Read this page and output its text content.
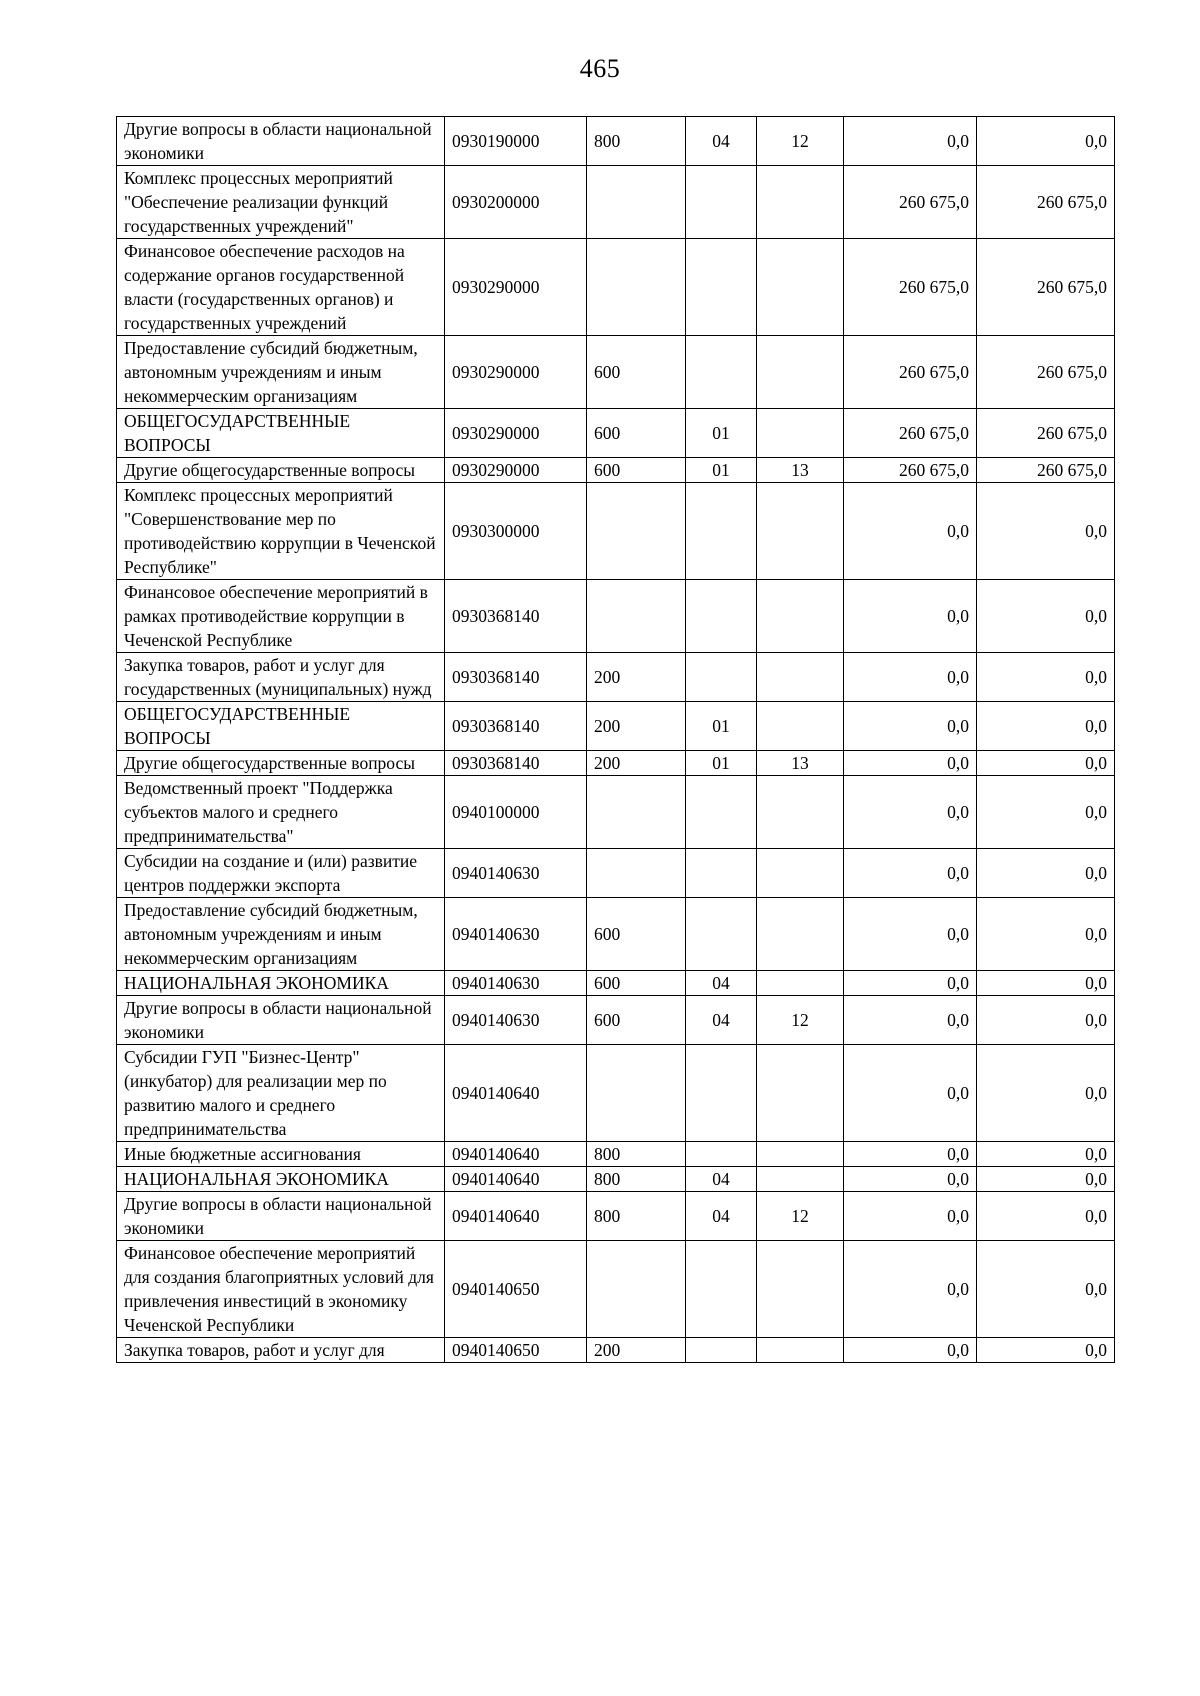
465
Другие вопросы в области национальной экономики	0930190000	800	04	12	0,0	0,0
Комплекс процессных мероприятий "Обеспечение реализации функций государственных учреждений"	0930200000				260 675,0	260 675,0
Финансовое обеспечение расходов на содержание органов государственной власти (государственных органов) и государственных учреждений	0930290000				260 675,0	260 675,0
Предоставление субсидий бюджетным, автономным учреждениям и иным некоммерческим организациям	0930290000	600			260 675,0	260 675,0
ОБЩЕГОСУДАРСТВЕННЫЕ ВОПРОСЫ	0930290000	600	01		260 675,0	260 675,0
Другие общегосударственные вопросы	0930290000	600	01	13	260 675,0	260 675,0
Комплекс процессных мероприятий "Совершенствование мер по противодействию коррупции в Чеченской Республике"	0930300000				0,0	0,0
Финансовое обеспечение мероприятий в рамках противодействие коррупции в Чеченской Республике	0930368140				0,0	0,0
Закупка товаров, работ и услуг для государственных (муниципальных) нужд	0930368140	200			0,0	0,0
ОБЩЕГОСУДАРСТВЕННЫЕ ВОПРОСЫ	0930368140	200	01		0,0	0,0
Другие общегосударственные вопросы	0930368140	200	01	13	0,0	0,0
Ведомственный проект "Поддержка субъектов малого и среднего предпринимательства"	0940100000				0,0	0,0
Субсидии на создание и (или) развитие центров поддержки экспорта	0940140630				0,0	0,0
Предоставление субсидий бюджетным, автономным учреждениям и иным некоммерческим организациям	0940140630	600			0,0	0,0
НАЦИОНАЛЬНАЯ ЭКОНОМИКА	0940140630	600	04		0,0	0,0
Другие вопросы в области национальной экономики	0940140630	600	04	12	0,0	0,0
Субсидии ГУП "Бизнес-Центр" (инкубатор) для реализации мер по развитию малого и среднего предпринимательства	0940140640				0,0	0,0
Иные бюджетные ассигнования	0940140640	800			0,0	0,0
НАЦИОНАЛЬНАЯ ЭКОНОМИКА	0940140640	800	04		0,0	0,0
Другие вопросы в области национальной экономики	0940140640	800	04	12	0,0	0,0
Финансовое обеспечение мероприятий для создания благоприятных условий для привлечения инвестиций в экономику Чеченской Республики	0940140650				0,0	0,0
Закупка товаров, работ и услуг для	0940140650	200			0,0	0,0
